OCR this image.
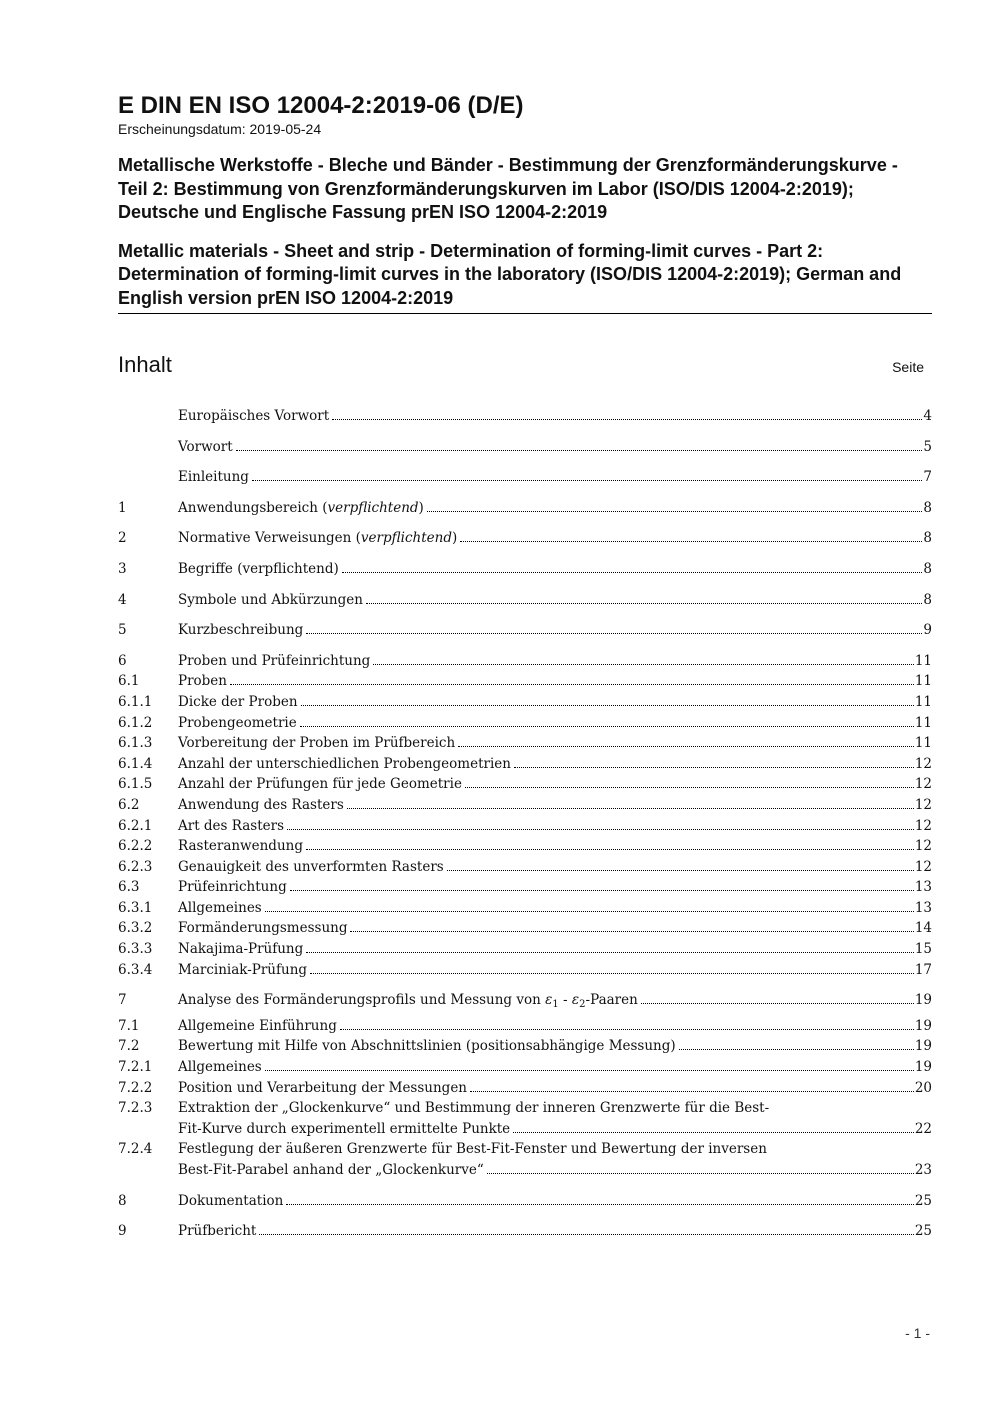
E DIN EN ISO 12004-2:2019-06 (D/E)
Erscheinungsdatum: 2019-05-24
Metallische Werkstoffe - Bleche und Bänder - Bestimmung der Grenzformänderungskurve - Teil 2: Bestimmung von Grenzformänderungskurven im Labor (ISO/DIS 12004-2:2019); Deutsche und Englische Fassung prEN ISO 12004-2:2019
Metallic materials - Sheet and strip - Determination of forming-limit curves - Part 2: Determination of forming-limit curves in the laboratory (ISO/DIS 12004-2:2019); German and English version prEN ISO 12004-2:2019
Inhalt	Seite
Europäisches Vorwort	4
Vorwort	5
Einleitung	7
1	Anwendungsbereich (verpflichtend)	8
2	Normative Verweisungen (verpflichtend)	8
3	Begriffe (verpflichtend)	8
4	Symbole und Abkürzungen	8
5	Kurzbeschreibung	9
6	Proben und Prüfeinrichtung	11
6.1	Proben	11
6.1.1	Dicke der Proben	11
6.1.2	Probengeometrie	11
6.1.3	Vorbereitung der Proben im Prüfbereich	11
6.1.4	Anzahl der unterschiedlichen Probengeometrien	12
6.1.5	Anzahl der Prüfungen für jede Geometrie	12
6.2	Anwendung des Rasters	12
6.2.1	Art des Rasters	12
6.2.2	Rasteranwendung	12
6.2.3	Genauigkeit des unverformten Rasters	12
6.3	Prüfeinrichtung	13
6.3.1	Allgemeines	13
6.3.2	Formänderungsmessung	14
6.3.3	Nakajima-Prüfung	15
6.3.4	Marciniak-Prüfung	17
7	Analyse des Formänderungsprofils und Messung von $\varepsilon_1$ - $\varepsilon_2$-Paaren	19
7.1	Allgemeine Einführung	19
7.2	Bewertung mit Hilfe von Abschnittslinien (positionsabhängige Messung)	19
7.2.1	Allgemeines	19
7.2.2	Position und Verarbeitung der Messungen	20
7.2.3	Extraktion der „Glockenkurve“ und Bestimmung der inneren Grenzwerte für die Best-
Fit-Kurve durch experimentell ermittelte Punkte	22
7.2.4	Festlegung der äußeren Grenzwerte für Best-Fit-Fenster und Bewertung der inversen
Best-Fit-Parabel anhand der „Glockenkurve“	23
8	Dokumentation	25
9	Prüfbericht	25
- 1 -
